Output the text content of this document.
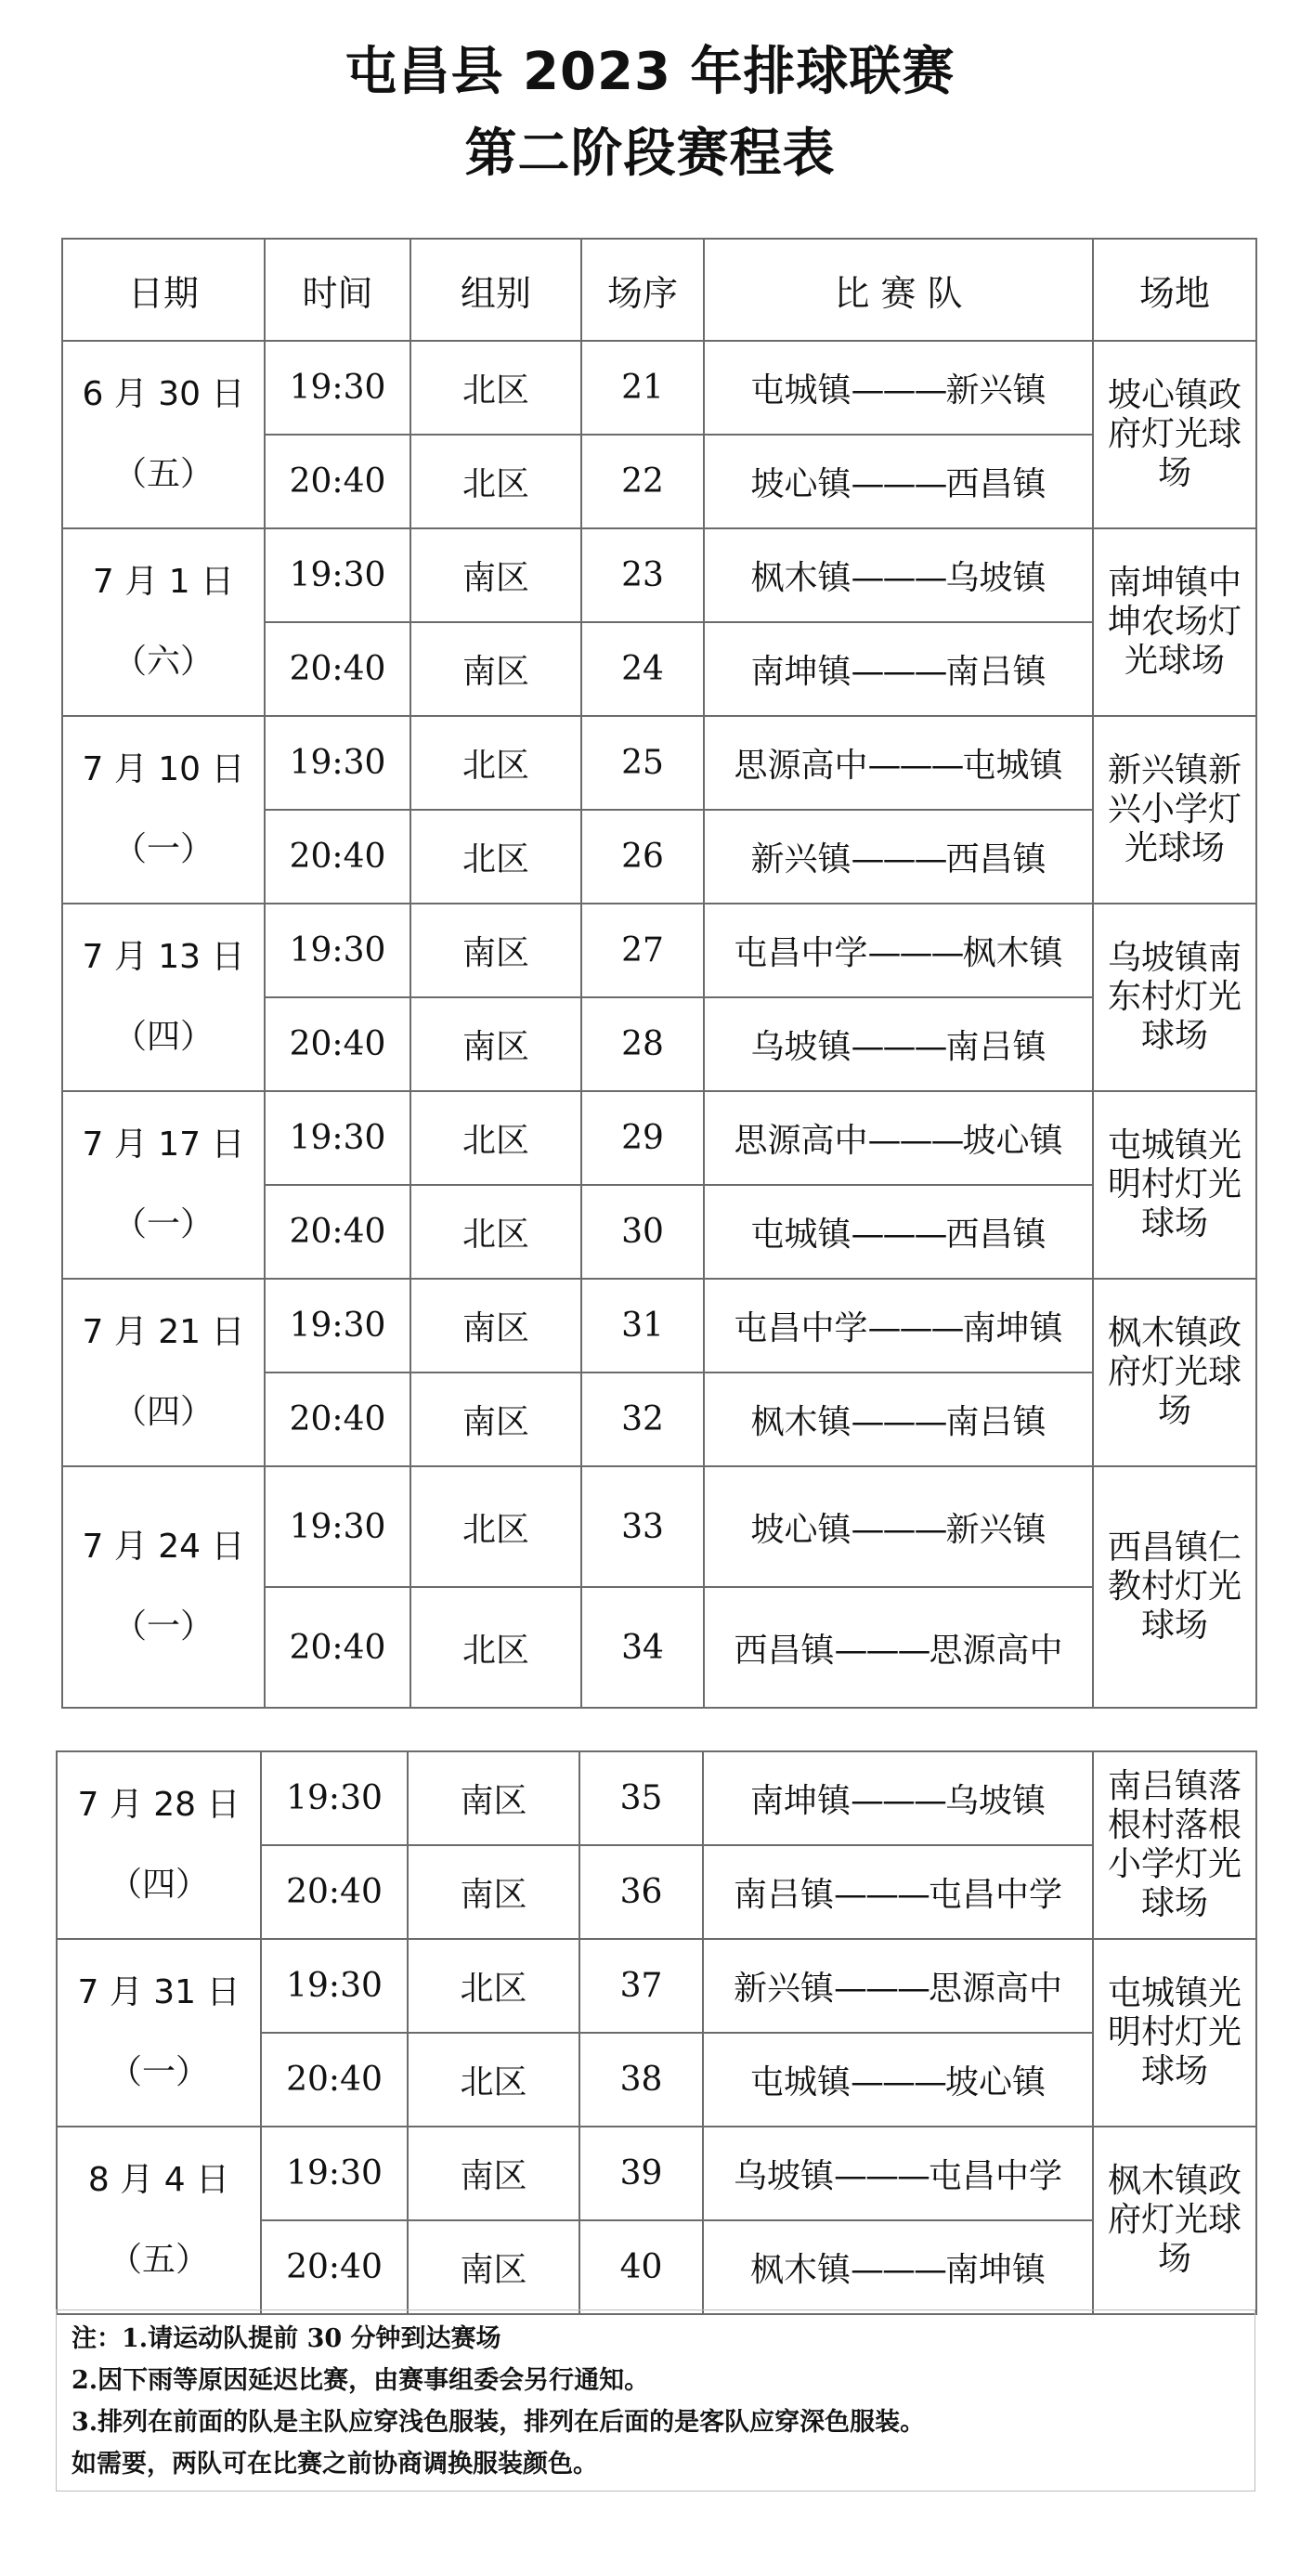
屯昌县 2023 年排球联赛
第二阶段赛程表
日期	时间	组别	场序	比 赛 队	场地

6 月 30 日
（五）	19:30	北区	21	屯城镇———新兴镇	坡心镇政
府灯光球
场

	20:40	北区	22	坡心镇———西昌镇	

7 月 1 日
（六）	19:30	南区	23	枫木镇———乌坡镇	南坤镇中
坤农场灯
光球场

	20:40	南区	24	南坤镇———南吕镇	

7 月 10 日
（一）	19:30	北区	25	思源高中———屯城镇	新兴镇新
兴小学灯
光球场

	20:40	北区	26	新兴镇———西昌镇	

7 月 13 日
（四）	19:30	南区	27	屯昌中学———枫木镇	乌坡镇南
东村灯光
球场

	20:40	南区	28	乌坡镇———南吕镇	

7 月 17 日
（一）	19:30	北区	29	思源高中———坡心镇	屯城镇光
明村灯光
球场

	20:40	北区	30	屯城镇———西昌镇	

7 月 21 日
（四）	19:30	南区	31	屯昌中学———南坤镇	枫木镇政
府灯光球
场

	20:40	南区	32	枫木镇———南吕镇	

7 月 24 日
（一）	19:30	北区	33	坡心镇———新兴镇	西昌镇仁
教村灯光
球场

	20:40	北区	34	西昌镇———思源高中	
7 月 28 日
（四）	19:30	南区	35	南坤镇———乌坡镇	南吕镇落
根村落根
小学灯光
球场

	20:40	南区	36	南吕镇———屯昌中学	

7 月 31 日
（一）	19:30	北区	37	新兴镇———思源高中	屯城镇光
明村灯光
球场

	20:40	北区	38	屯城镇———坡心镇	

8 月 4 日
（五）	19:30	南区	39	乌坡镇———屯昌中学	枫木镇政
府灯光球
场

	20:40	南区	40	枫木镇———南坤镇	
注：1.请运动队提前 30 分钟到达赛场
2.因下雨等原因延迟比赛，由赛事组委会另行通知。
3.排列在前面的队是主队应穿浅色服装，排列在后面的是客队应穿深色服装。
如需要，两队可在比赛之前协商调换服装颜色。
